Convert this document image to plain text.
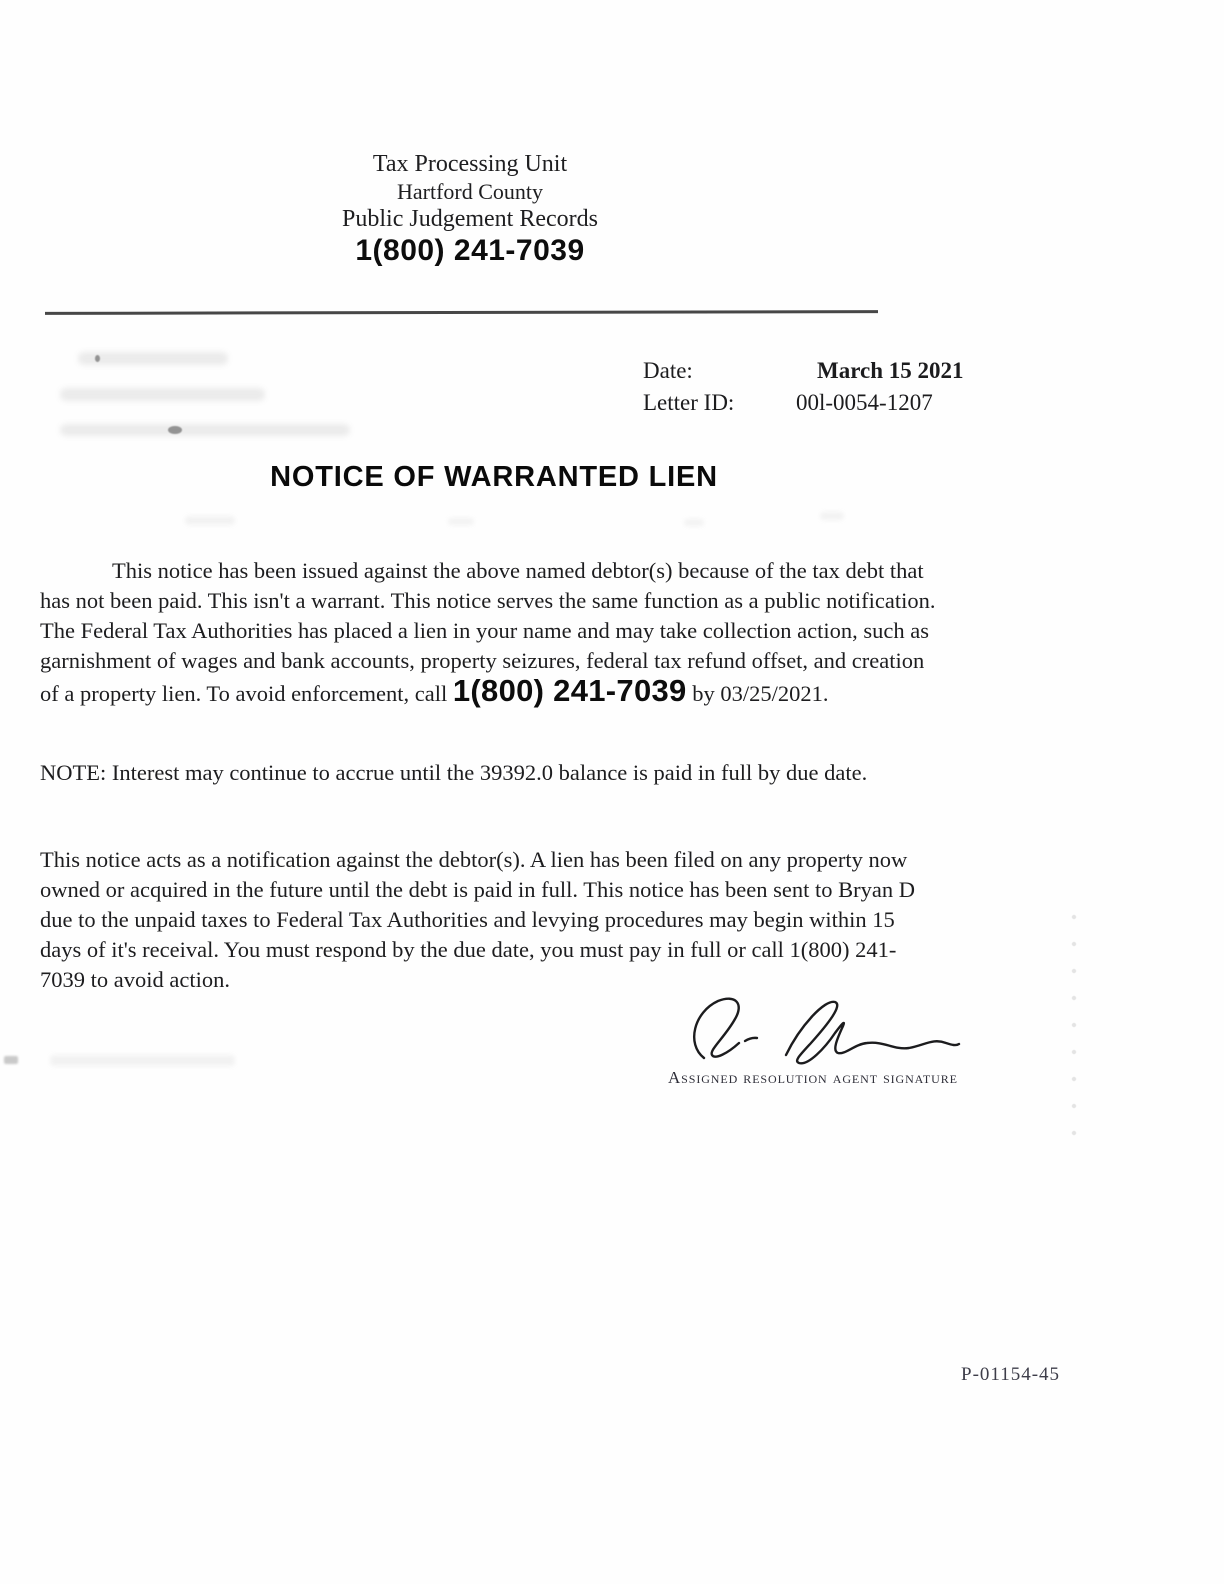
Tax Processing Unit
Hartford County
Public Judgement Records
1(800) 241-7039
Date:	March 15 2021
Letter ID:	00l-0054-1207
NOTICE OF WARRANTED LIEN

This notice has been issued against the above named debtor(s) because of the tax debt that has not been paid. This isn't a warrant. This notice serves the same function as a public notification. The Federal Tax Authorities has placed a lien in your name and may take collection action, such as garnishment of wages and bank accounts, property seizures, federal tax refund offset, and creation of a property lien. To avoid enforcement, call 1(800) 241-7039 by 03/25/2021.

NOTE: Interest may continue to accrue until the 39392.0 balance is paid in full by due date.

This notice acts as a notification against the debtor(s). A lien has been filed on any property now owned or acquired in the future until the debt is paid in full. This notice has been sent to Bryan D due to the unpaid taxes to Federal Tax Authorities and levying procedures may begin within 15 days of it's receival. You must respond by the due date, you must pay in full or call 1(800) 241-7039 to avoid action.

Assigned resolution agent signature
P-01154-45
